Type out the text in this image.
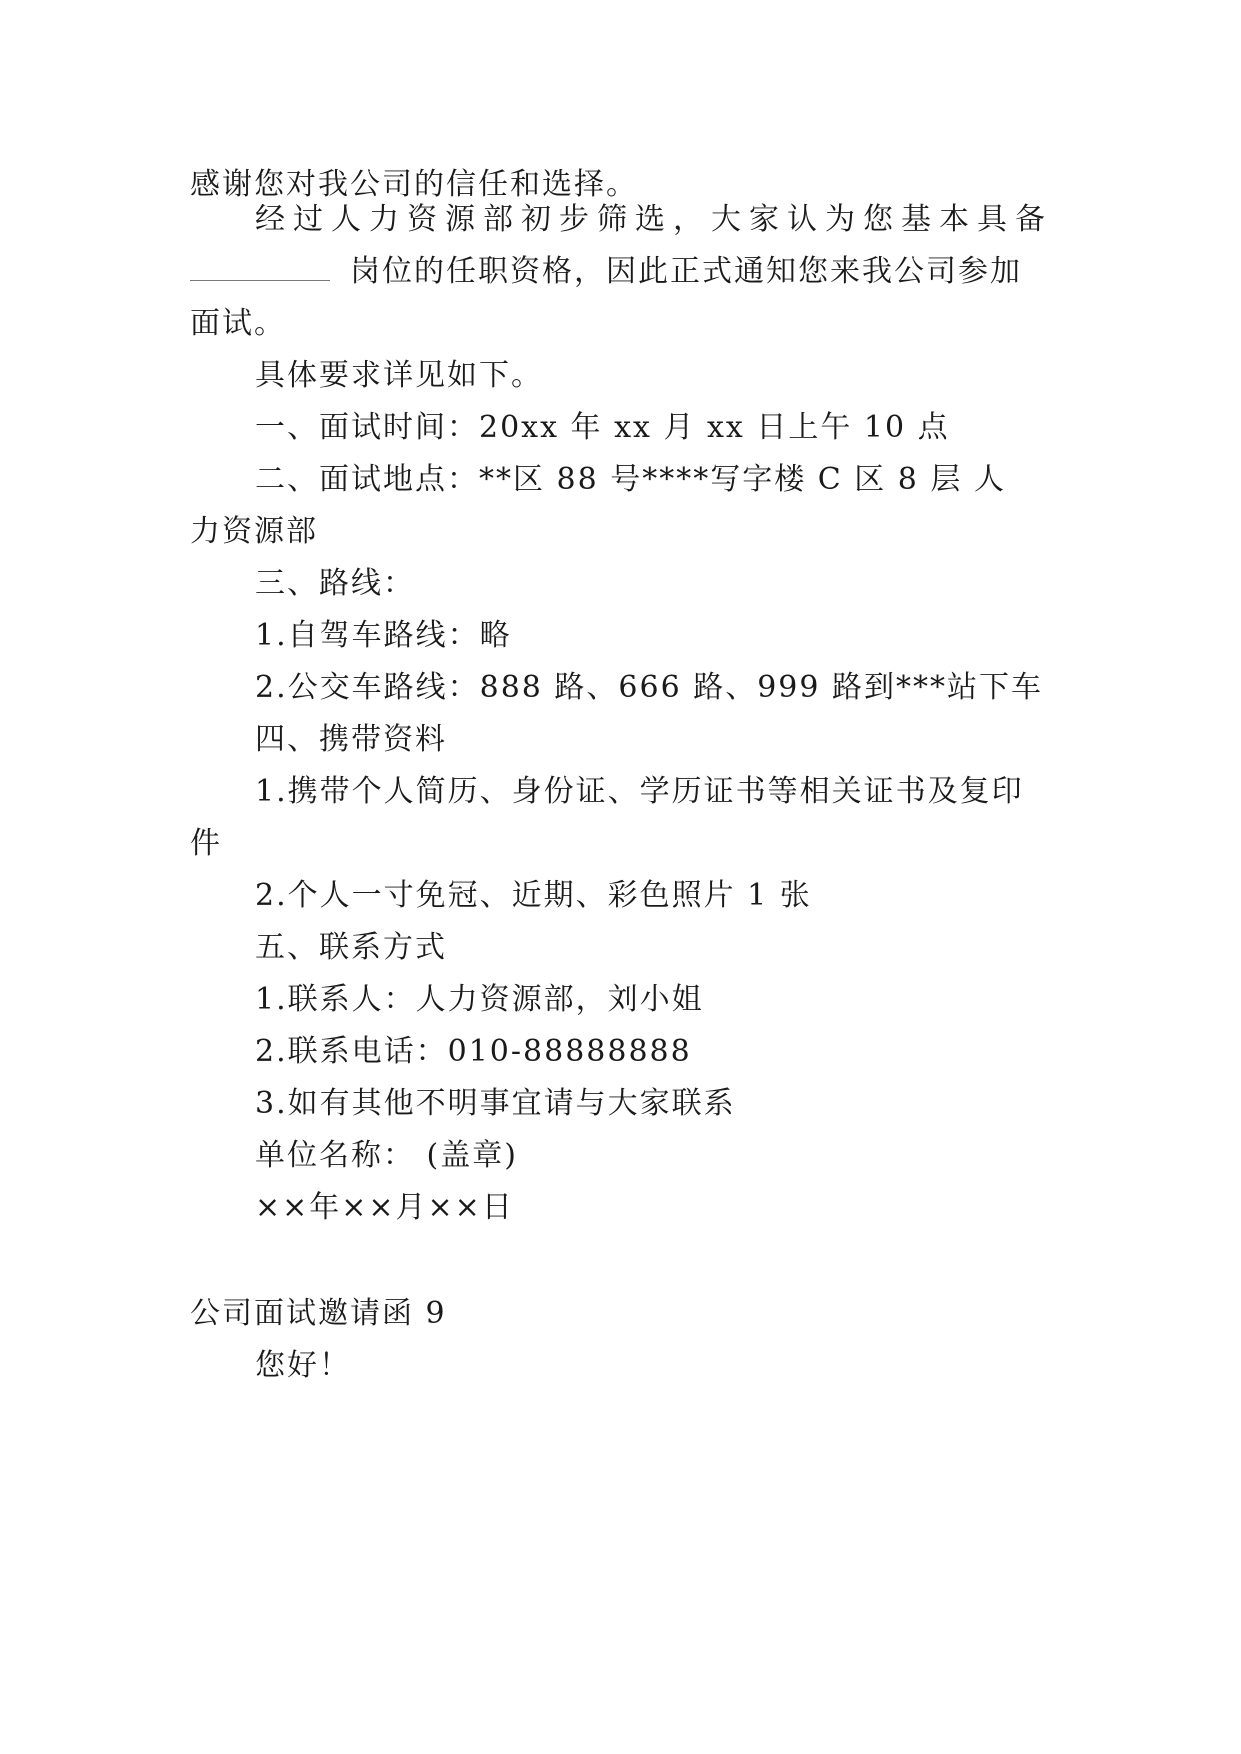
感谢您对我公司的信任和选择。
经过人力资源部初步筛选，大家认为您基本具备
岗位的任职资格，因此正式通知您来我公司参加
面试。
具体要求详见如下。
一、面试时间：20xx 年 xx 月 xx 日上午 10 点
二、面试地点：**区 88 号****写字楼 C 区 8 层 人
力资源部
三、路线：
1.自驾车路线：略
2.公交车路线：888 路、666 路、999 路到***站下车
四、携带资料
1.携带个人简历、身份证、学历证书等相关证书及复印
件
2.个人一寸免冠、近期、彩色照片 1 张
五、联系方式
1.联系人：人力资源部，刘小姐
2.联系电话：010-88888888
3.如有其他不明事宜请与大家联系
单位名称： (盖章)
××年××月××日
公司面试邀请函 9
您好！
